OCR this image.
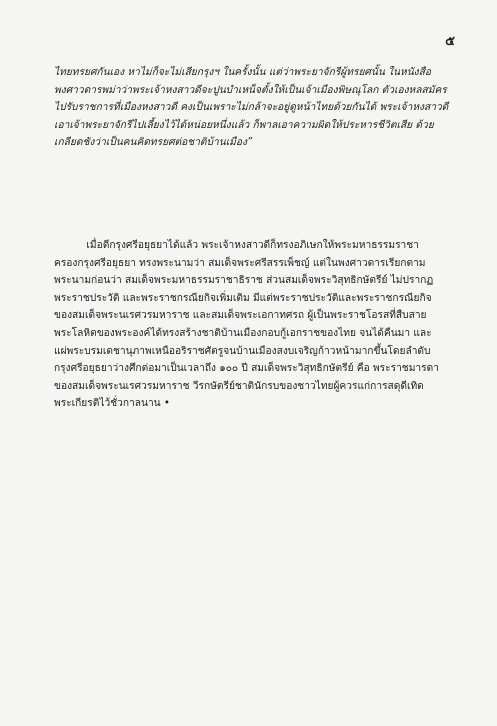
๕
ไทยทรยศกันเอง หาไม่ก็จะไม่เสียกรุงฯ ในครั้งนั้น แต่ว่าพระยาจักรีผู้ทรยศนั้น ในหนังสือ
พงศาวดารพม่าว่าพระเจ้าหงสาวดีจะปูนบำเหน็จตั้งให้เป็นเจ้าเมืองพิษณุโลก ตัวเองหลสมัคร
ไปรับราชการที่เมืองหงสาวดี คงเป็นเพราะไม่กล้าจะอยู่ดูหน้าไทยด้วยกันได้ พระเจ้าหงสาวดี
เอาเจ้าพระยาจักรีไปเลี้ยงไว้ได้หน่อยหนึ่งแล้ว ก็พาลเอาความผิดให้ประหารชีวิตเสีย ด้วย
เกลียดชังว่าเป็นคนคิดทรยศต่อชาติบ้านเมือง”
เมื่อตีกรุงศรีอยุธยาได้แล้ว พระเจ้าหงสาวดีก็ทรงอภิเษกให้พระมหาธรรมราชา
ครองกรุงศรีอยุธยา ทรงพระนามว่า สมเด็จพระศรีสรรเพ็ชญ์ แต่ในพงศาวดารเรียกตาม
พระนามก่อนว่า สมเด็จพระมหาธรรมราชาธิราช ส่วนสมเด็จพระวิสุทธิกษัตรีย์ ไม่ปรากฏ
พระราชประวัติ และพระราชกรณียกิจเพิ่มเติม มีแต่พระราชประวัติและพระราชกรณียกิจ
ของสมเด็จพระนเรศวรมหาราช และสมเด็จพระเอกาทศรถ ผู้เป็นพระราชโอรสที่สืบสาย
พระโลหิตของพระองค์ได้ทรงสร้างชาติบ้านเมืองกอบกู้เอกราชของไทย จนได้คืนมา และ
แผ่พระบรมเดชานุภาพเหนืออริราชศัตรูจนบ้านเมืองสงบเจริญก้าวหน้ามากขึ้นโดยลำดับ
กรุงศรีอยุธยาว่างศึกต่อมาเป็นเวลาถึง ๑๐๐ ปี สมเด็จพระวิสุทธิกษัตรีย์ คือ พระราชมารดา
ของสมเด็จพระนเรศวรมหาราช วีรกษัตรีย์ชาตินักรบของชาวไทยผู้ควรแก่การสดุดีเทิด
พระเกียรติไว้ชั่วกาลนาน •
